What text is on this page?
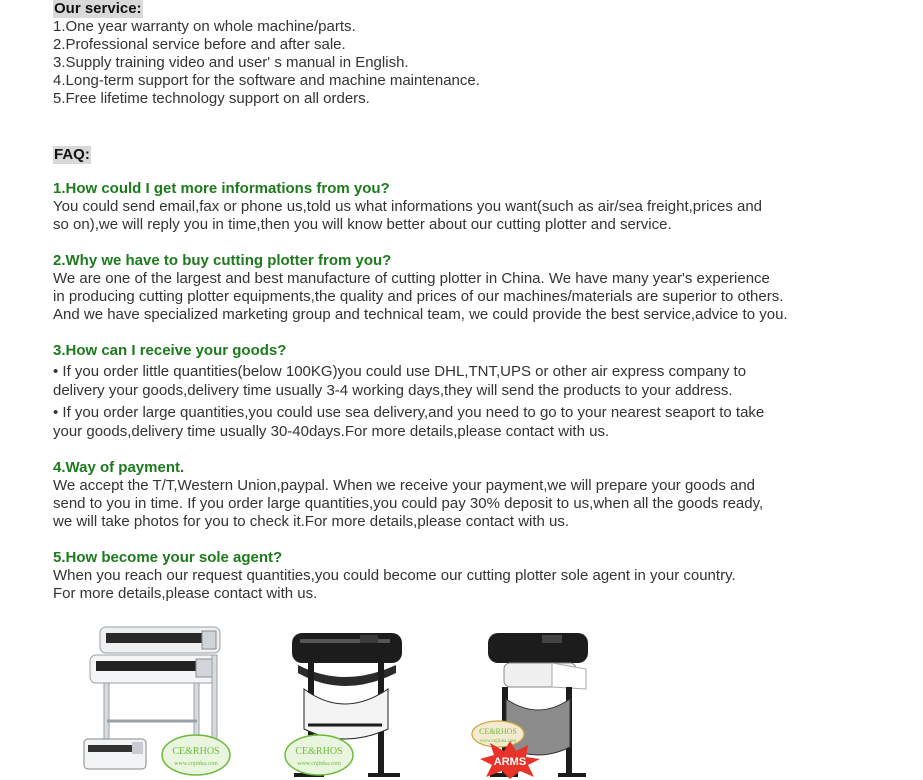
Our service:
1.One year warranty on whole machine/parts.
2.Professional service before and after sale.
3.Supply training video and user' s manual in English.
4.Long-term support for the software and machine maintenance.
5.Free lifetime technology support on all orders.
FAQ:
1.How could I get more informations from you?
You could send email,fax or phone us,told us what informations you want(such as air/sea freight,prices and
so on),we will reply you in time,then you will know better about our cutting plotter and service.
2.Why we have to buy cutting plotter from you?
We are one of the largest and best manufacture of cutting plotter in China. We have many year's experience
in producing cutting plotter equipments,the quality and prices of our machines/materials are superior to others.
And we have specialized marketing group and technical team, we could provide the best service,advice to you.
3.How can I receive your goods?
• If you order little quantities(below 100KG)you could use DHL,TNT,UPS or other air express company to
delivery your goods,delivery time usually 3-4 working days,they will send the products to your address.
• If you order large quantities,you could use sea delivery,and you need to go to your nearest seaport to take
your goods,delivery time usually 30-40days.For more details,please contact with us.
4.Way of payment.
We accept the T/T,Western Union,paypal. When we receive your payment,we will prepare your goods and
send to you in time. If you order large quantities,you could pay 30% deposit to us,when all the goods ready,
we will take photos for you to check it.For more details,please contact with us.
5.How become your sole agent?
When you reach our request quantities,you could become our cutting plotter sole agent in your country.
For more details,please contact with us.
CE&RHOS
www.cnjinka.com
CE&RHOS
www.cnjinka.com
CE&RHOS
www.cnjinka.com
ARMS
